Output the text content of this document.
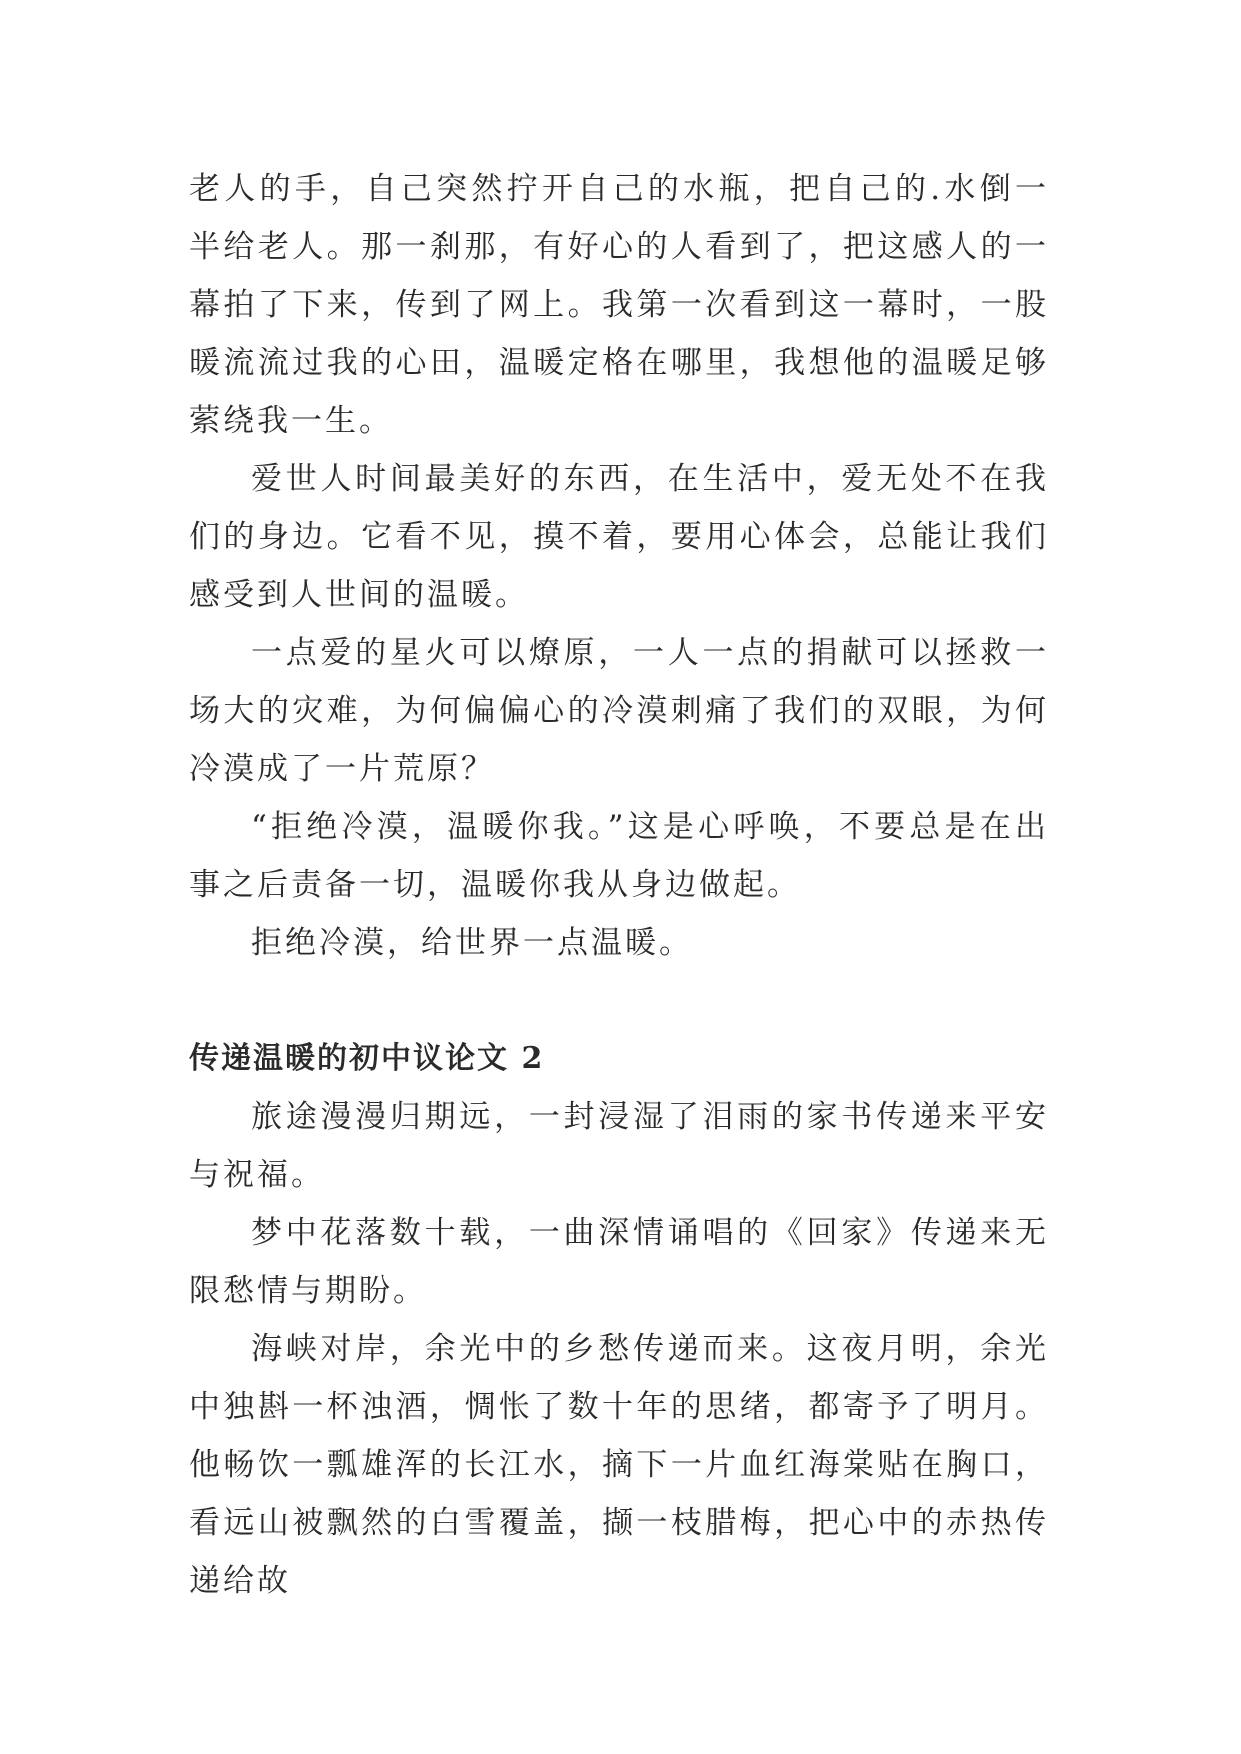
老人的手，自己突然拧开自己的水瓶，把自己的.水倒一半给老人。那一刹那，有好心的人看到了，把这感人的一幕拍了下来，传到了网上。我第一次看到这一幕时，一股暖流流过我的心田，温暖定格在哪里，我想他的温暖足够萦绕我一生。

爱世人时间最美好的东西，在生活中，爱无处不在我们的身边。它看不见，摸不着，要用心体会，总能让我们感受到人世间的温暖。

一点爱的星火可以燎原，一人一点的捐献可以拯救一场大的灾难，为何偏偏心的冷漠刺痛了我们的双眼，为何冷漠成了一片荒原？

“拒绝冷漠，温暖你我。”这是心呼唤，不要总是在出事之后责备一切，温暖你我从身边做起。

拒绝冷漠，给世界一点温暖。

传递温暖的初中议论文 2

旅途漫漫归期远，一封浸湿了泪雨的家书传递来平安与祝福。

梦中花落数十载，一曲深情诵唱的《回家》传递来无限愁情与期盼。

海峡对岸，余光中的乡愁传递而来。这夜月明，余光中独斟一杯浊酒，惆怅了数十年的思绪，都寄予了明月。他畅饮一瓢雄浑的长江水，摘下一片血红海棠贴在胸口，看远山被飘然的白雪覆盖，撷一枝腊梅，把心中的赤热传递给故
